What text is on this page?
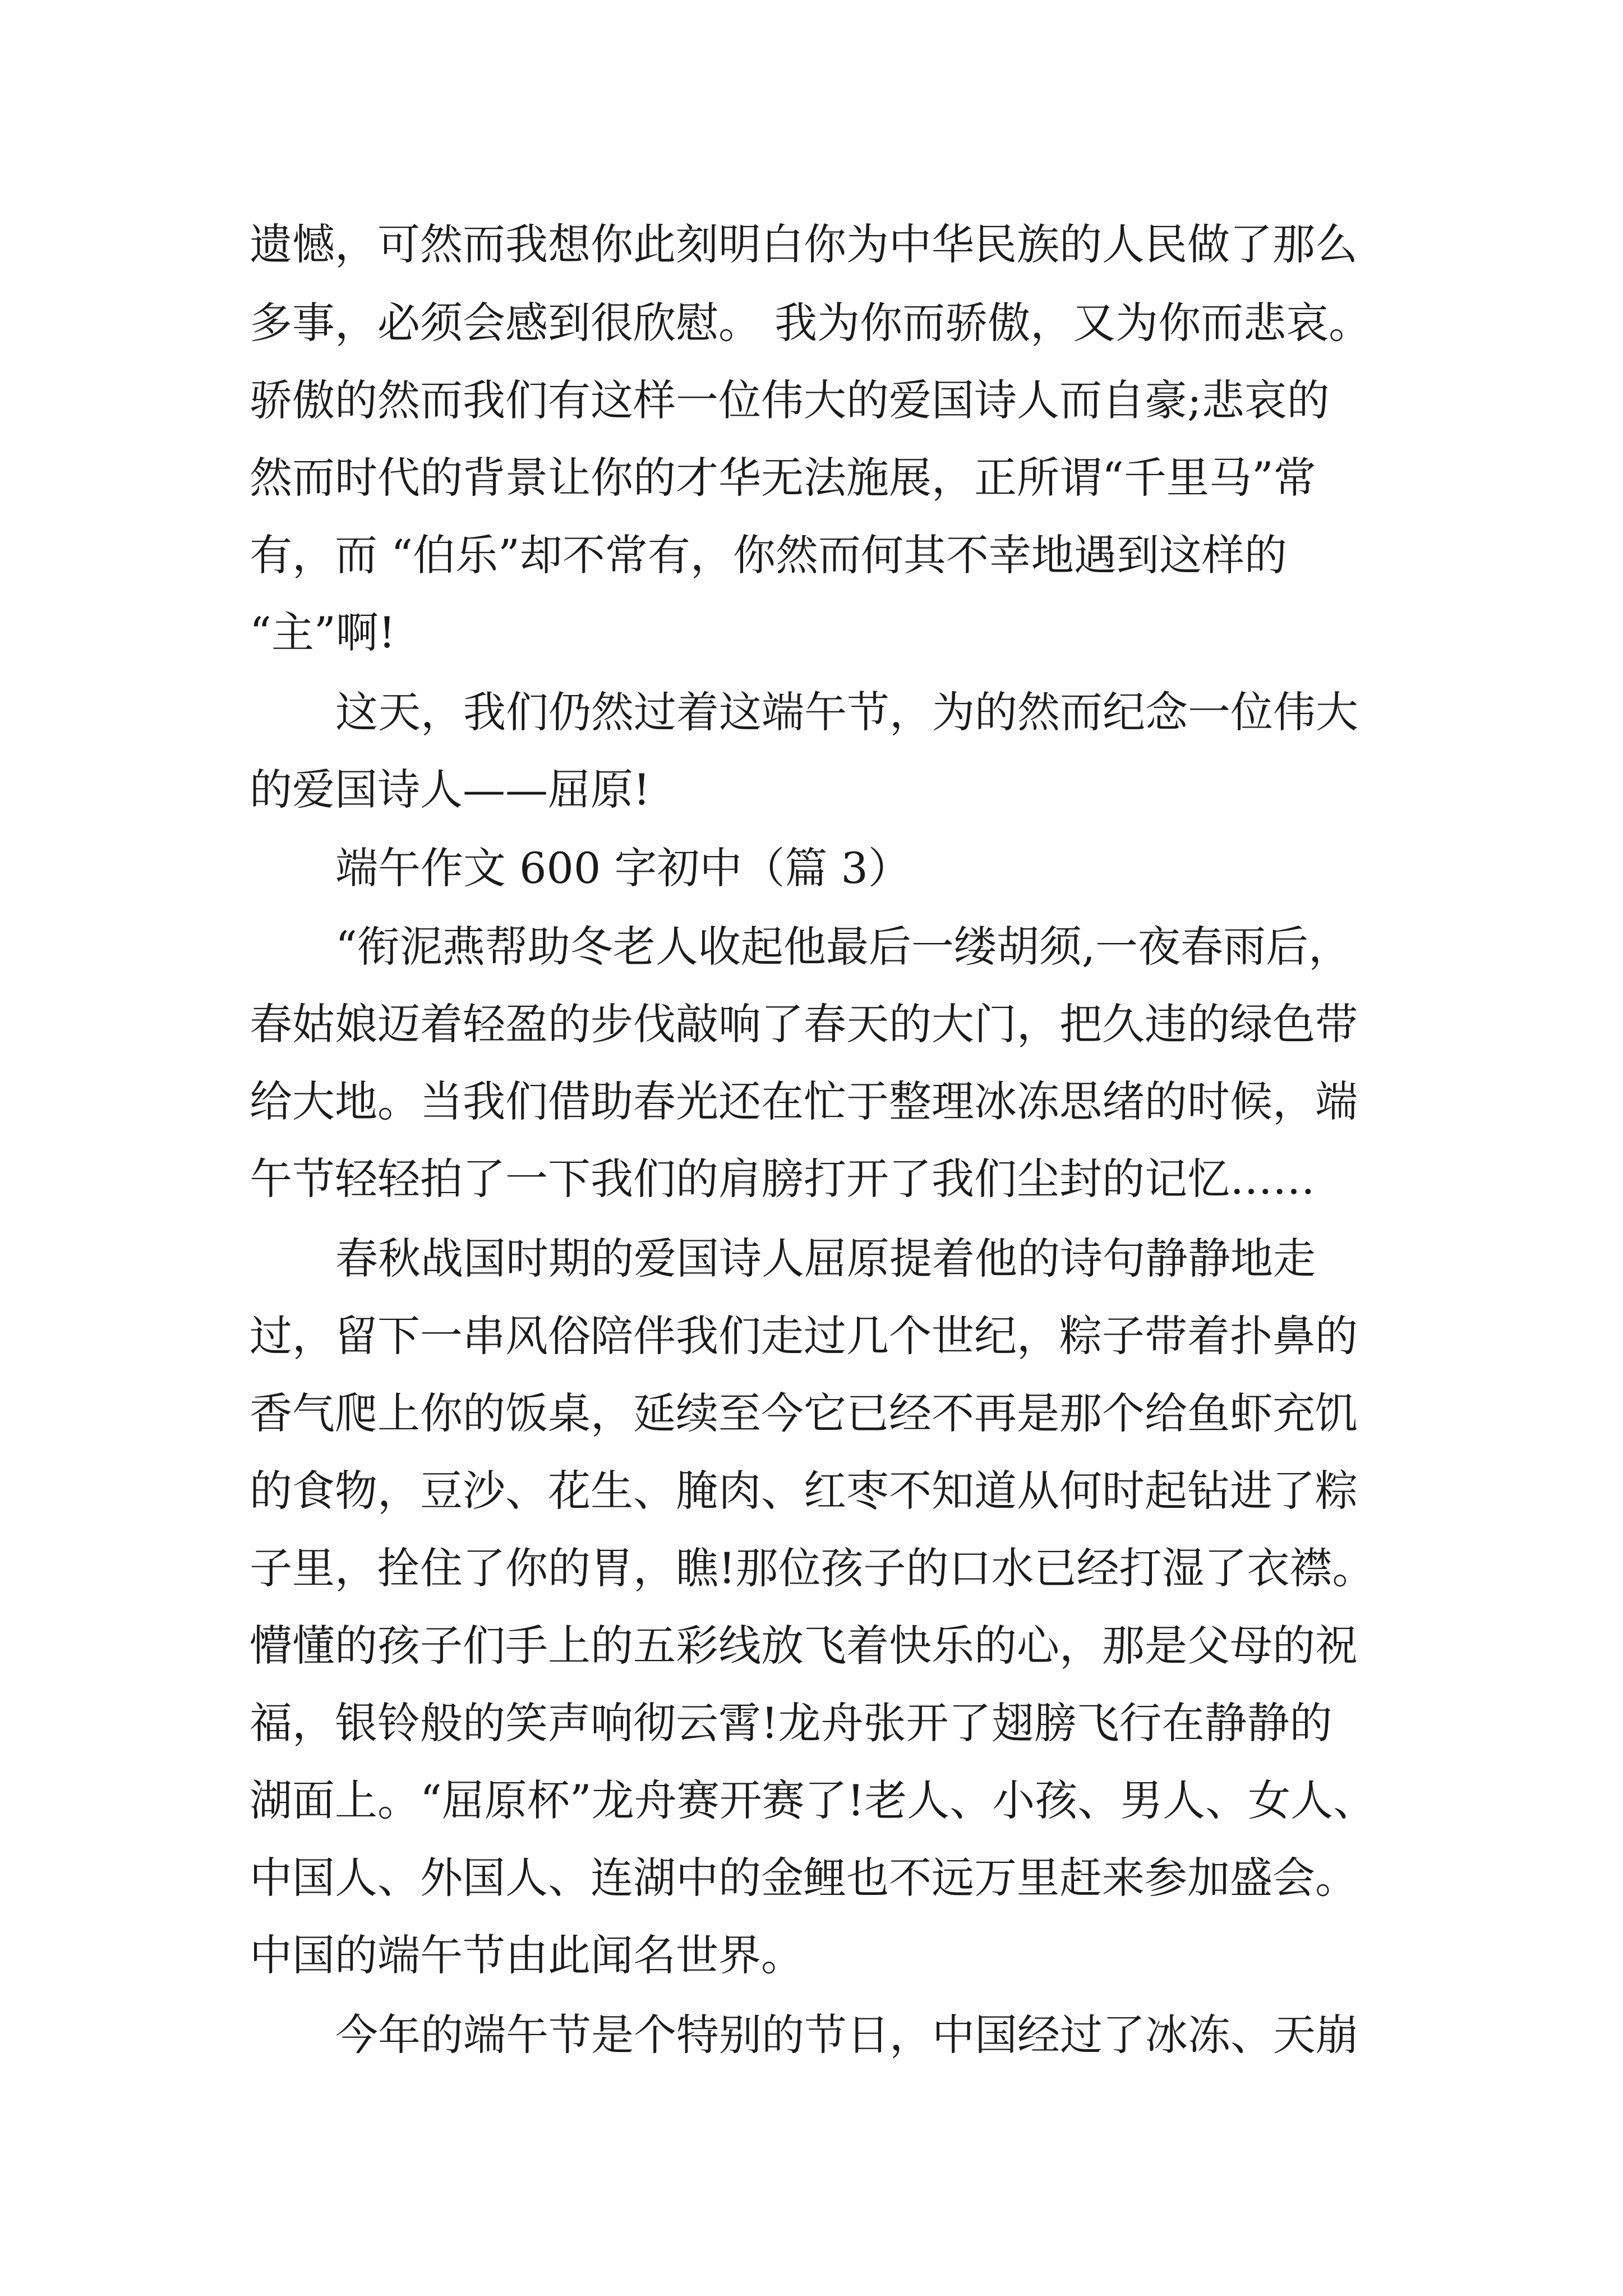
遗憾，可然而我想你此刻明白你为中华民族的人民做了那么
多事，必须会感到很欣慰。 我为你而骄傲，又为你而悲哀。
骄傲的然而我们有这样一位伟大的爱国诗人而自豪;悲哀的
然而时代的背景让你的才华无法施展，正所谓“千里马”常
有，而 “伯乐”却不常有，你然而何其不幸地遇到这样的
“主”啊!
这天，我们仍然过着这端午节，为的然而纪念一位伟大
的爱国诗人——屈原!
端午作文 600 字初中（篇 3）
“衔泥燕帮助冬老人收起他最后一缕胡须,一夜春雨后，
春姑娘迈着轻盈的步伐敲响了春天的大门，把久违的绿色带
给大地。当我们借助春光还在忙于整理冰冻思绪的时候，端
午节轻轻拍了一下我们的肩膀打开了我们尘封的记忆……
春秋战国时期的爱国诗人屈原提着他的诗句静静地走
过，留下一串风俗陪伴我们走过几个世纪，粽子带着扑鼻的
香气爬上你的饭桌，延续至今它已经不再是那个给鱼虾充饥
的食物，豆沙、花生、腌肉、红枣不知道从何时起钻进了粽
子里，拴住了你的胃，瞧!那位孩子的口水已经打湿了衣襟。
懵懂的孩子们手上的五彩线放飞着快乐的心，那是父母的祝
福，银铃般的笑声响彻云霄!龙舟张开了翅膀飞行在静静的
湖面上。“屈原杯”龙舟赛开赛了!老人、小孩、男人、女人、
中国人、外国人、连湖中的金鲤也不远万里赶来参加盛会。
中国的端午节由此闻名世界。
今年的端午节是个特别的节日，中国经过了冰冻、天崩
